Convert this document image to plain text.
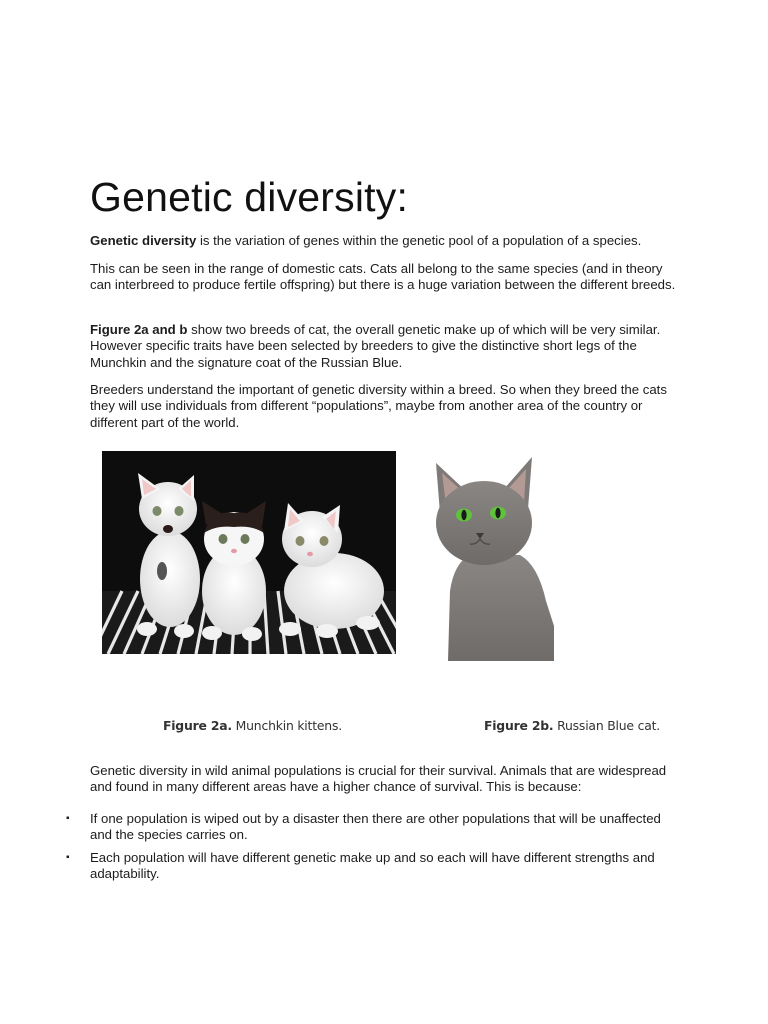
Genetic diversity:

Genetic diversity is the variation of genes within the genetic pool of a population of a species.

This can be seen in the range of domestic cats. Cats all belong to the same species (and in theory can interbreed to produce fertile offspring) but there is a huge variation between the different breeds.

Figure 2a and b show two breeds of cat, the overall genetic make up of which will be very similar. However specific traits have been selected by breeders to give the distinctive short legs of the Munchkin and the signature coat of the Russian Blue.

Breeders understand the important of genetic diversity within a breed. So when they breed the cats they will use individuals from different “populations”, maybe from another area of the country or different part of the world.

Figure 2a. Munchkin kittens.	Figure 2b. Russian Blue cat.

Genetic diversity in wild animal populations is crucial for their survival. Animals that are widespread and found in many different areas have a higher chance of survival. This is because:

▪ If one population is wiped out by a disaster then there are other populations that will be unaffected and the species carries on.
▪ Each population will have different genetic make up and so each will have different strengths and adaptability.
